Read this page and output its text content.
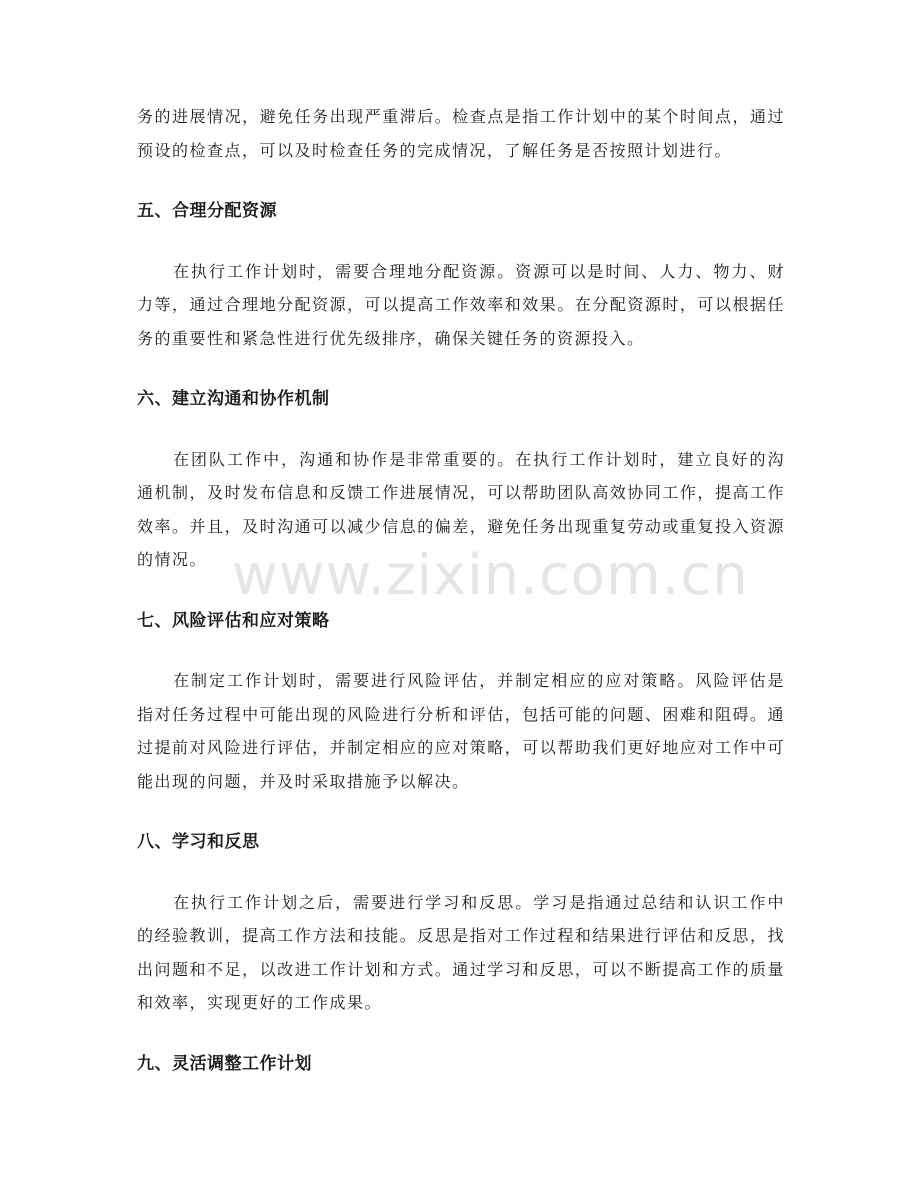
务的进展情况，避免任务出现严重滞后。检查点是指工作计划中的某个时间点，通过预设的检查点，可以及时检查任务的完成情况，了解任务是否按照计划进行。

五、合理分配资源

在执行工作计划时，需要合理地分配资源。资源可以是时间、人力、物力、财力等，通过合理地分配资源，可以提高工作效率和效果。在分配资源时，可以根据任务的重要性和紧急性进行优先级排序，确保关键任务的资源投入。

六、建立沟通和协作机制

在团队工作中，沟通和协作是非常重要的。在执行工作计划时，建立良好的沟通机制，及时发布信息和反馈工作进展情况，可以帮助团队高效协同工作，提高工作效率。并且，及时沟通可以减少信息的偏差，避免任务出现重复劳动或重复投入资源的情况。

七、风险评估和应对策略

在制定工作计划时，需要进行风险评估，并制定相应的应对策略。风险评估是指对任务过程中可能出现的风险进行分析和评估，包括可能的问题、困难和阻碍。通过提前对风险进行评估，并制定相应的应对策略，可以帮助我们更好地应对工作中可能出现的问题，并及时采取措施予以解决。

八、学习和反思

在执行工作计划之后，需要进行学习和反思。学习是指通过总结和认识工作中的经验教训，提高工作方法和技能。反思是指对工作过程和结果进行评估和反思，找出问题和不足，以改进工作计划和方式。通过学习和反思，可以不断提高工作的质量和效率，实现更好的工作成果。

九、灵活调整工作计划
www.zixin.com.cn
